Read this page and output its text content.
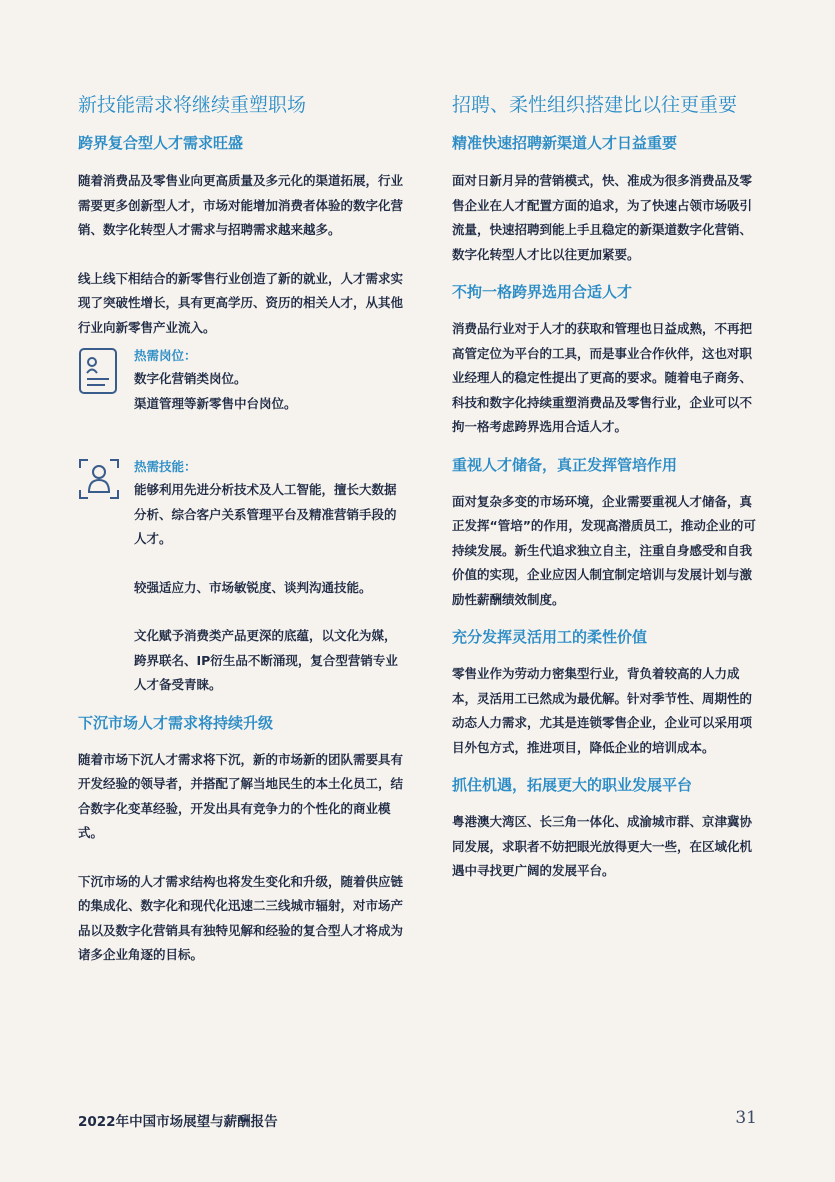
新技能需求将继续重塑职场
跨界复合型人才需求旺盛

随着消费品及零售业向更高质量及多元化的渠道拓展，行业需要更多创新型人才，市场对能增加消费者体验的数字化营销、数字化转型人才需求与招聘需求越来越多。

线上线下相结合的新零售行业创造了新的就业，人才需求实现了突破性增长，具有更高学历、资历的相关人才，从其他行业向新零售产业流入。

热需岗位：

数字化营销类岗位。

渠道管理等新零售中台岗位。

热需技能：

能够利用先进分析技术及人工智能，擅长大数据分析、综合客户关系管理平台及精准营销手段的人才。

较强适应力、市场敏锐度、谈判沟通技能。

文化赋予消费类产品更深的底蕴，以文化为媒，跨界联名、IP衍生品不断涌现，复合型营销专业人才备受青睐。

下沉市场人才需求将持续升级

随着市场下沉人才需求将下沉，新的市场新的团队需要具有开发经验的领导者，并搭配了解当地民生的本土化员工，结合数字化变革经验，开发出具有竞争力的个性化的商业模式。

下沉市场的人才需求结构也将发生变化和升级，随着供应链的集成化、数字化和现代化迅速二三线城市辐射，对市场产品以及数字化营销具有独特见解和经验的复合型人才将成为诸多企业角逐的目标。

招聘、柔性组织搭建比以往更重要
精准快速招聘新渠道人才日益重要

面对日新月异的营销模式，快、准成为很多消费品及零售企业在人才配置方面的追求，为了快速占领市场吸引流量，快速招聘到能上手且稳定的新渠道数字化营销、数字化转型人才比以往更加紧要。

不拘一格跨界选用合适人才

消费品行业对于人才的获取和管理也日益成熟，不再把高管定位为平台的工具，而是事业合作伙伴，这也对职业经理人的稳定性提出了更高的要求。随着电子商务、科技和数字化持续重塑消费品及零售行业，企业可以不拘一格考虑跨界选用合适人才。

重视人才储备，真正发挥管培作用

面对复杂多变的市场环境，企业需要重视人才储备，真正发挥“管培”的作用，发现高潜质员工，推动企业的可持续发展。新生代追求独立自主，注重自身感受和自我价值的实现，企业应因人制宜制定培训与发展计划与激励性薪酬绩效制度。

充分发挥灵活用工的柔性价值

零售业作为劳动力密集型行业，背负着较高的人力成本，灵活用工已然成为最优解。针对季节性、周期性的动态人力需求，尤其是连锁零售企业，企业可以采用项目外包方式，推进项目，降低企业的培训成本。

抓住机遇，拓展更大的职业发展平台

粤港澳大湾区、长三角一体化、成渝城市群、京津冀协同发展，求职者不妨把眼光放得更大一些，在区域化机遇中寻找更广阔的发展平台。

2022年中国市场展望与薪酬报告	31
